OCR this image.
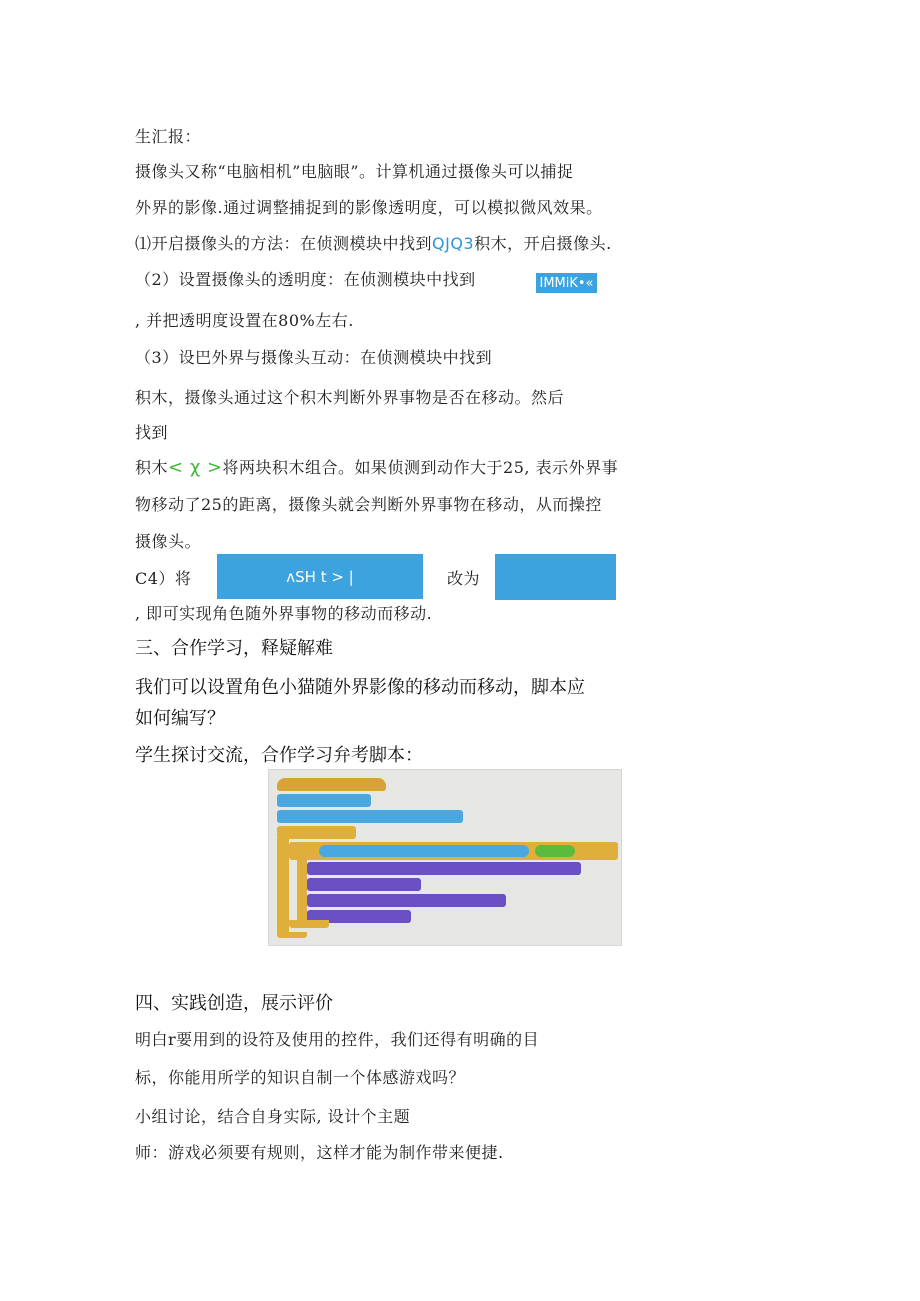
生汇报：
摄像头又称“电脑相机”电脑眼”。计算机通过摄像头可以捕捉
外界的影像.通过调整捕捉到的影像透明度，可以模拟微风效果。
⑴开启摄像头的方法：在侦测模块中找到QJQ3积木，开启摄像头.
（2）设置摄像头的透明度：在侦测模块中找到	IMMiK•«
, 并把透明度设置在80%左右.
（3）设巴外界与摄像头互动：在侦测模块中找到
积木，摄像头通过这个积木判断外界事物是否在移动。然后
找到
积木< χ >将两块积木组合。如果侦测到动作大于25, 表示外界事
物移动了25的距离，摄像头就会判断外界事物在移动，从而操控
摄像头。
C4）将	ʌSH t > |	改为
, 即可实现角色随外界事物的移动而移动.
三、合作学习，释疑解难
我们可以设置角色小猫随外界影像的移动而移动，脚本应
如何编写？
学生探讨交流，合作学习弁考脚本：
四、实践创造，展示评价
明白r要用到的设符及使用的控件，我们还得有明确的目
标，你能用所学的知识自制一个体感游戏吗？
小组讨论，结合自身实际, 设计个主题
师：游戏必须要有规则，这样才能为制作带来便捷.
